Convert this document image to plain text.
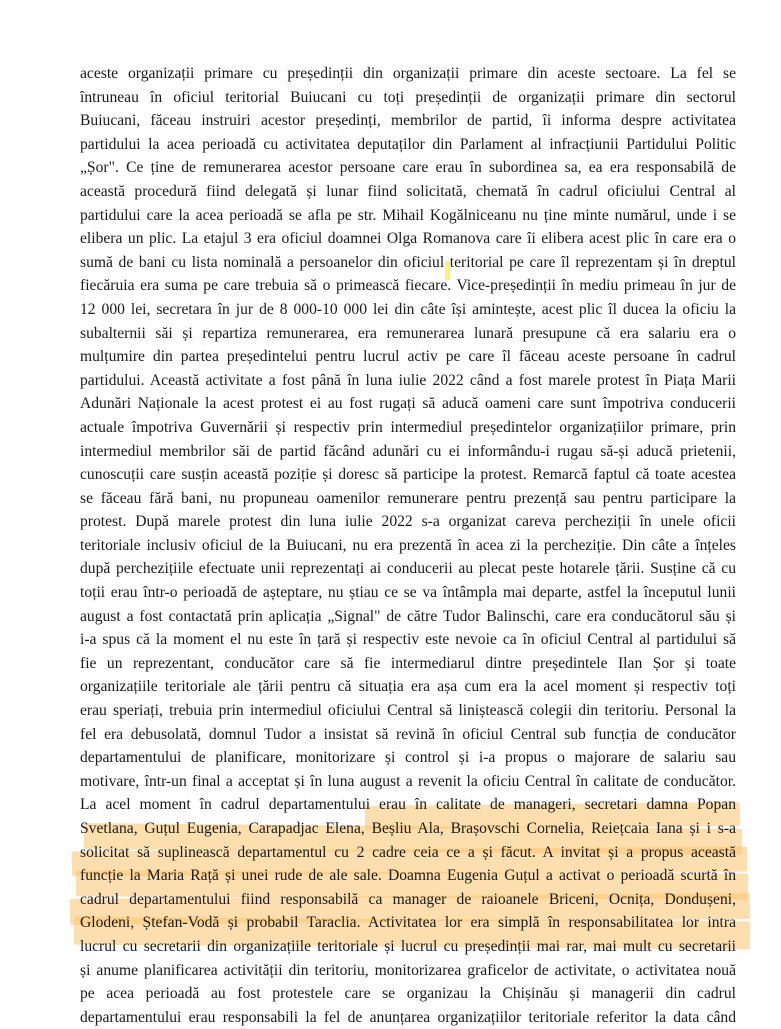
aceste organizații primare cu președinții din organizații primare din aceste sectoare. La fel se
întruneau în oficiul teritorial Buiucani cu toți președinții de organizații primare din sectorul
Buiucani, făceau instruiri acestor președinți, membrilor de partid, îi informa despre activitatea
partidului la acea perioadă cu activitatea deputaților din Parlament al infracțiunii Partidului Politic
„Șor". Ce ține de remunerarea acestor persoane care erau în subordinea sa, ea era responsabilă de
această procedură fiind delegată și lunar fiind solicitată, chemată în cadrul oficiului Central al
partidului care la acea perioadă se afla pe str. Mihail Kogălniceanu nu ține minte numărul, unde i se
elibera un plic. La etajul 3 era oficiul doamnei Olga Romanova care îi elibera acest plic în care era o
sumă de bani cu lista nominală a persoanelor din oficiul teritorial pe care îl reprezentam și în dreptul
fiecăruia era suma pe care trebuia să o primească fiecare. Vice-președinții în mediu primeau în jur de
12 000 lei, secretara în jur de 8 000-10 000 lei din câte își amintește, acest plic îl ducea la oficiu la
subalternii săi și repartiza remunerarea, era remunerarea lunară presupune că era salariu era o
mulțumire din partea președintelui pentru lucrul activ pe care îl făceau aceste persoane în cadrul
partidului. Această activitate a fost până în luna iulie 2022 când a fost marele protest în Piața Marii
Adunări Naționale la acest protest ei au fost rugați să aducă oameni care sunt împotriva conducerii
actuale împotriva Guvernării și respectiv prin intermediul președintelor organizațiilor primare, prin
intermediul membrilor săi de partid făcând adunări cu ei informându-i rugau să-și aducă prietenii,
cunoscuții care susțin această poziție și doresc să participe la protest. Remarcă faptul că toate acestea
se făceau fără bani, nu propuneau oamenilor remunerare pentru prezență sau pentru participare la
protest. După marele protest din luna iulie 2022 s-a organizat careva percheziții în unele oficii
teritoriale inclusiv oficiul de la Buiucani, nu era prezentă în acea zi la percheziție. Din câte a înțeles
după perchezițiile efectuate unii reprezentați ai conducerii au plecat peste hotarele țării. Susține că cu
toții erau într-o perioadă de așteptare, nu știau ce se va întâmpla mai departe, astfel la începutul lunii
august a fost contactată prin aplicația „Signal" de către Tudor Balinschi, care era conducătorul său și
i-a spus că la moment el nu este în țară și respectiv este nevoie ca în oficiul Central al partidului să
fie un reprezentant, conducător care să fie intermediarul dintre președintele Ilan Șor și toate
organizațiile teritoriale ale țării pentru că situația era așa cum era la acel moment și respectiv toți
erau speriați, trebuia prin intermediul oficiului Central să liniștească colegii din teritoriu. Personal la
fel era debusolată, domnul Tudor a insistat să revină în oficiul Central sub funcția de conducător
departamentului de planificare, monitorizare și control și i-a propus o majorare de salariu sau
motivare, într-un final a acceptat și în luna august a revenit la oficiu Central în calitate de conducător.
La acel moment în cadrul departamentului erau în calitate de manageri, secretari damna Popan
Svetlana, Guțul Eugenia, Carapadjac Elena, Beșliu Ala, Brașovschi Cornelia, Reiețcaia Iana și i s-a
solicitat să suplinească departamentul cu 2 cadre ceia ce a și făcut. A invitat și a propus această
funcție la Maria Rață și unei rude de ale sale. Doamna Eugenia Guțul a activat o perioadă scurtă în
cadrul departamentului fiind responsabilă ca manager de raioanele Briceni, Ocnița, Dondușeni,
Glodeni, Ștefan-Vodă și probabil Taraclia. Activitatea lor era simplă în responsabilitatea lor intra
lucrul cu secretarii din organizațiile teritoriale și lucrul cu președinții mai rar, mai mult cu secretarii
și anume planificarea activității din teritoriu, monitorizarea graficelor de activitate, o activitatea nouă
pe acea perioadă au fost protestele care se organizau la Chișinău și managerii din cadrul
departamentului erau responsabili la fel de anunțarea organizațiilor teritoriale referitor la data când
